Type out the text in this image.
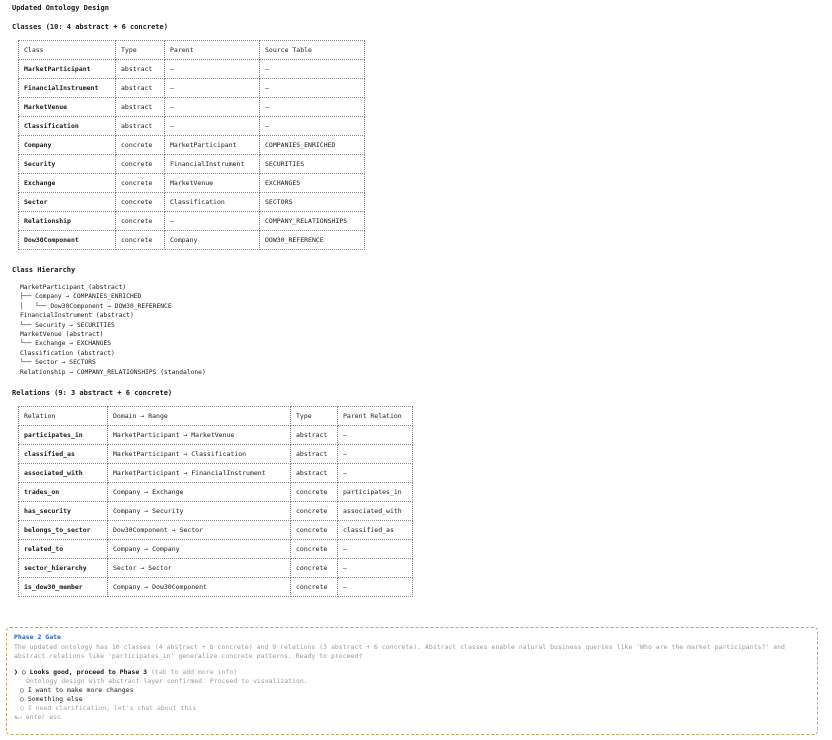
Updated Ontology Design
Classes (10: 4 abstract + 6 concrete)
Class	Type	Parent	Source Table
MarketParticipant	abstract	—	—
FinancialInstrument	abstract	—	—
MarketVenue	abstract	—	—
Classification	abstract	—	—
Company	concrete	MarketParticipant	COMPANIES_ENRICHED
Security	concrete	FinancialInstrument	SECURITIES
Exchange	concrete	MarketVenue	EXCHANGES
Sector	concrete	Classification	SECTORS
Relationship	concrete	—	COMPANY_RELATIONSHIPS
Dow30Component	concrete	Company	DOW30_REFERENCE
Class Hierarchy
MarketParticipant (abstract)
├── Company → COMPANIES_ENRICHED
│   └── Dow30Component → DOW30_REFERENCE
FinancialInstrument (abstract)
└── Security → SECURITIES
MarketVenue (abstract)
└── Exchange → EXCHANGES
Classification (abstract)
└── Sector → SECTORS
Relationship → COMPANY_RELATIONSHIPS (standalone)
Relations (9: 3 abstract + 6 concrete)
Relation	Domain → Range	Type	Parent Relation
participates_in	MarketParticipant → MarketVenue	abstract	—
classified_as	MarketParticipant → Classification	abstract	—
associated_with	MarketParticipant → FinancialInstrument	abstract	—
trades_on	Company → Exchange	concrete	participates_in
has_security	Company → Security	concrete	associated_with
belongs_to_sector	Dow30Component → Sector	concrete	classified_as
related_to	Company → Company	concrete	—
sector_hierarchy	Sector → Sector	concrete	—
is_dow30_member	Company → Dow30Component	concrete	—
Phase 2 Gate
The updated ontology has 10 classes (4 abstract + 6 concrete) and 9 relations (3 abstract + 6 concrete). Abstract classes enable natural business queries like 'Who are the market participants?' and abstract relations like 'participates_in' generalize concrete patterns. Ready to proceed?
❯ ○ Looks good, proceed to Phase 3 (tab to add more info)
Ontology design with abstract layer confirmed. Proceed to visualization.
○ I want to make more changes
○ Something else
○ I need clarification, let's chat about this
⇅↵ enter esc
